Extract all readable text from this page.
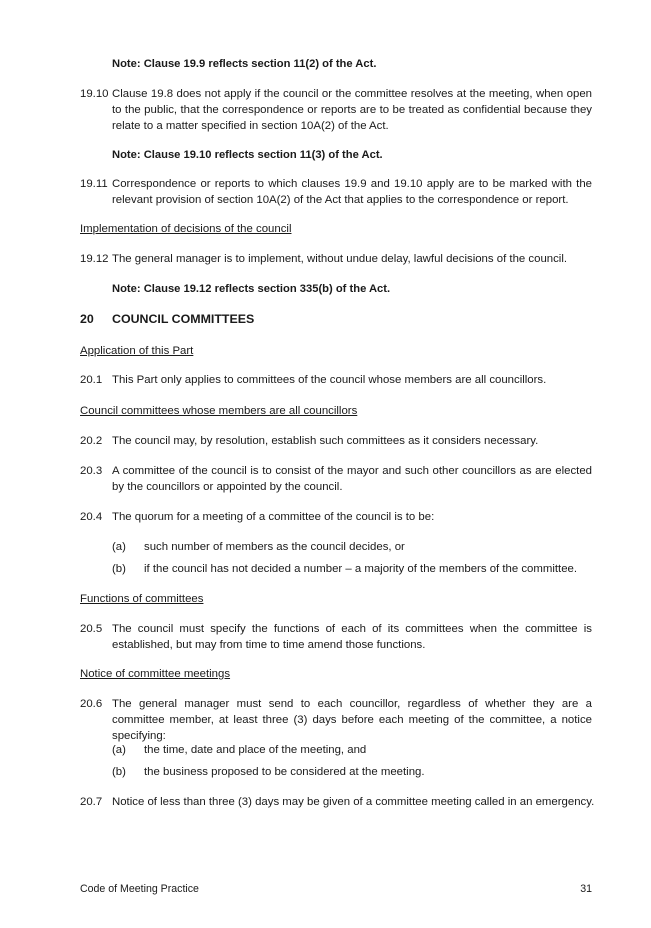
Note: Clause 19.9 reflects section 11(2) of the Act.
19.10 Clause 19.8 does not apply if the council or the committee resolves at the meeting, when open to the public, that the correspondence or reports are to be treated as confidential because they relate to a matter specified in section 10A(2) of the Act.
Note: Clause 19.10 reflects section 11(3) of the Act.
19.11 Correspondence or reports to which clauses 19.9 and 19.10 apply are to be marked with the relevant provision of section 10A(2) of the Act that applies to the correspondence or report.
Implementation of decisions of the council
19.12 The general manager is to implement, without undue delay, lawful decisions of the council.
Note: Clause 19.12 reflects section 335(b) of the Act.
20 COUNCIL COMMITTEES
Application of this Part
20.1 This Part only applies to committees of the council whose members are all councillors.
Council committees whose members are all councillors
20.2 The council may, by resolution, establish such committees as it considers necessary.
20.3 A committee of the council is to consist of the mayor and such other councillors as are elected by the councillors or appointed by the council.
20.4 The quorum for a meeting of a committee of the council is to be:
(a) such number of members as the council decides, or
(b) if the council has not decided a number – a majority of the members of the committee.
Functions of committees
20.5 The council must specify the functions of each of its committees when the committee is established, but may from time to time amend those functions.
Notice of committee meetings
20.6 The general manager must send to each councillor, regardless of whether they are a committee member, at least three (3) days before each meeting of the committee, a notice specifying:
(a) the time, date and place of the meeting, and
(b) the business proposed to be considered at the meeting.
20.7 Notice of less than three (3) days may be given of a committee meeting called in an emergency.
Code of Meeting Practice	31
